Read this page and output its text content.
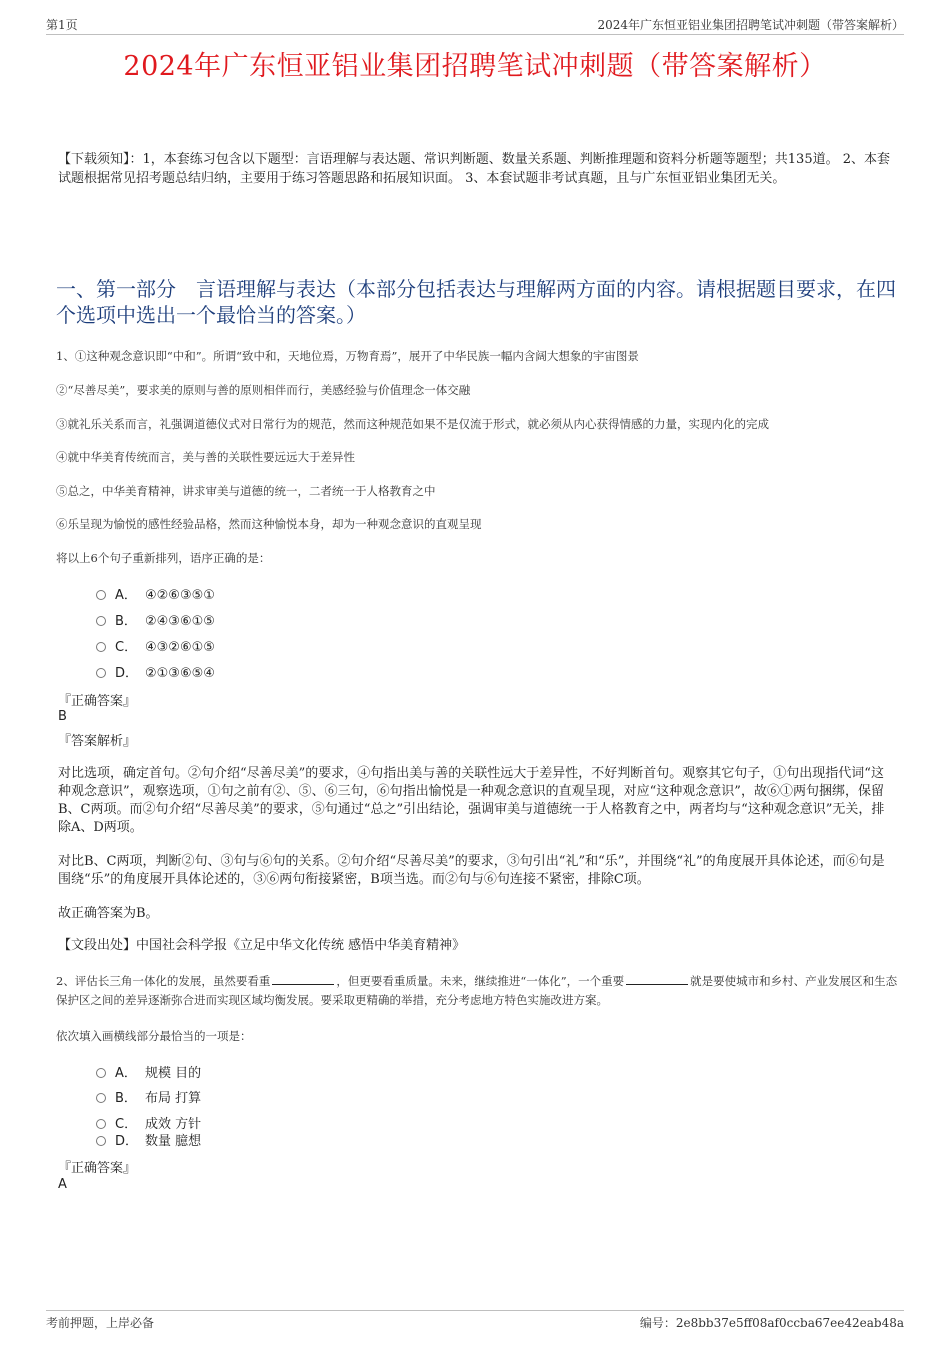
第1页	2024年广东恒亚铝业集团招聘笔试冲刺题（带答案解析）
2024年广东恒亚铝业集团招聘笔试冲刺题（带答案解析）
【下载须知】：1，本套练习包含以下题型：言语理解与表达题、常识判断题、数量关系题、判断推理题和资料分析题等题型；共135道。 2、本套试题根据常见招考题总结归纳，主要用于练习答题思路和拓展知识面。 3、本套试题非考试真题，且与广东恒亚铝业集团无关。
一、第一部分　言语理解与表达（本部分包括表达与理解两方面的内容。请根据题目要求，在四个选项中选出一个最恰当的答案。）
1、①这种观念意识即“中和”。所谓“致中和，天地位焉，万物育焉”，展开了中华民族一幅内含阔大想象的宇宙图景
②“尽善尽美”，要求美的原则与善的原则相伴而行，美感经验与价值理念一体交融
③就礼乐关系而言，礼强调道德仪式对日常行为的规范，然而这种规范如果不是仅流于形式，就必须从内心获得情感的力量，实现内化的完成
④就中华美育传统而言，美与善的关联性要远远大于差异性
⑤总之，中华美育精神，讲求审美与道德的统一，二者统一于人格教育之中
⑥乐呈现为愉悦的感性经验品格，然而这种愉悦本身，却为一种观念意识的直观呈现
将以上6个句子重新排列，语序正确的是：
A． ④②⑥③⑤①
B． ②④③⑥①⑤
C． ④③②⑥①⑤
D． ②①③⑥⑤④
『正确答案』
B
『答案解析』
对比选项，确定首句。②句介绍“尽善尽美”的要求，④句指出美与善的关联性远大于差异性，不好判断首句。观察其它句子，①句出现指代词“这种观念意识”，观察选项，①句之前有②、⑤、⑥三句，⑥句指出愉悦是一种观念意识的直观呈现，对应“这种观念意识”，故⑥①两句捆绑，保留B、C两项。而②句介绍“尽善尽美”的要求，⑤句通过“总之”引出结论，强调审美与道德统一于人格教育之中，两者均与“这种观念意识”无关，排除A、D两项。
对比B、C两项，判断②句、③句与⑥句的关系。②句介绍“尽善尽美”的要求，③句引出“礼”和“乐”，并围绕“礼”的角度展开具体论述，而⑥句是围绕“乐”的角度展开具体论述的，③⑥两句衔接紧密，B项当选。而②句与⑥句连接不紧密，排除C项。
故正确答案为B。
【文段出处】中国社会科学报《立足中华文化传统 感悟中华美育精神》
2、评估长三角一体化的发展，虽然要看重	，但更要看重质量。未来，继续推进“一体化”，一个重要	就是要使城市和乡村、产业发展区和生态保护区之间的差异逐渐弥合进而实现区域均衡发展。要采取更精确的举措，充分考虑地方特色实施改进方案。
依次填入画横线部分最恰当的一项是：
A． 规模 目的
B． 布局 打算
C． 成效 方针
D． 数量 臆想
『正确答案』
A
考前押题，上岸必备	编号：2e8bb37e5ff08af0ccba67ee42eab48a
